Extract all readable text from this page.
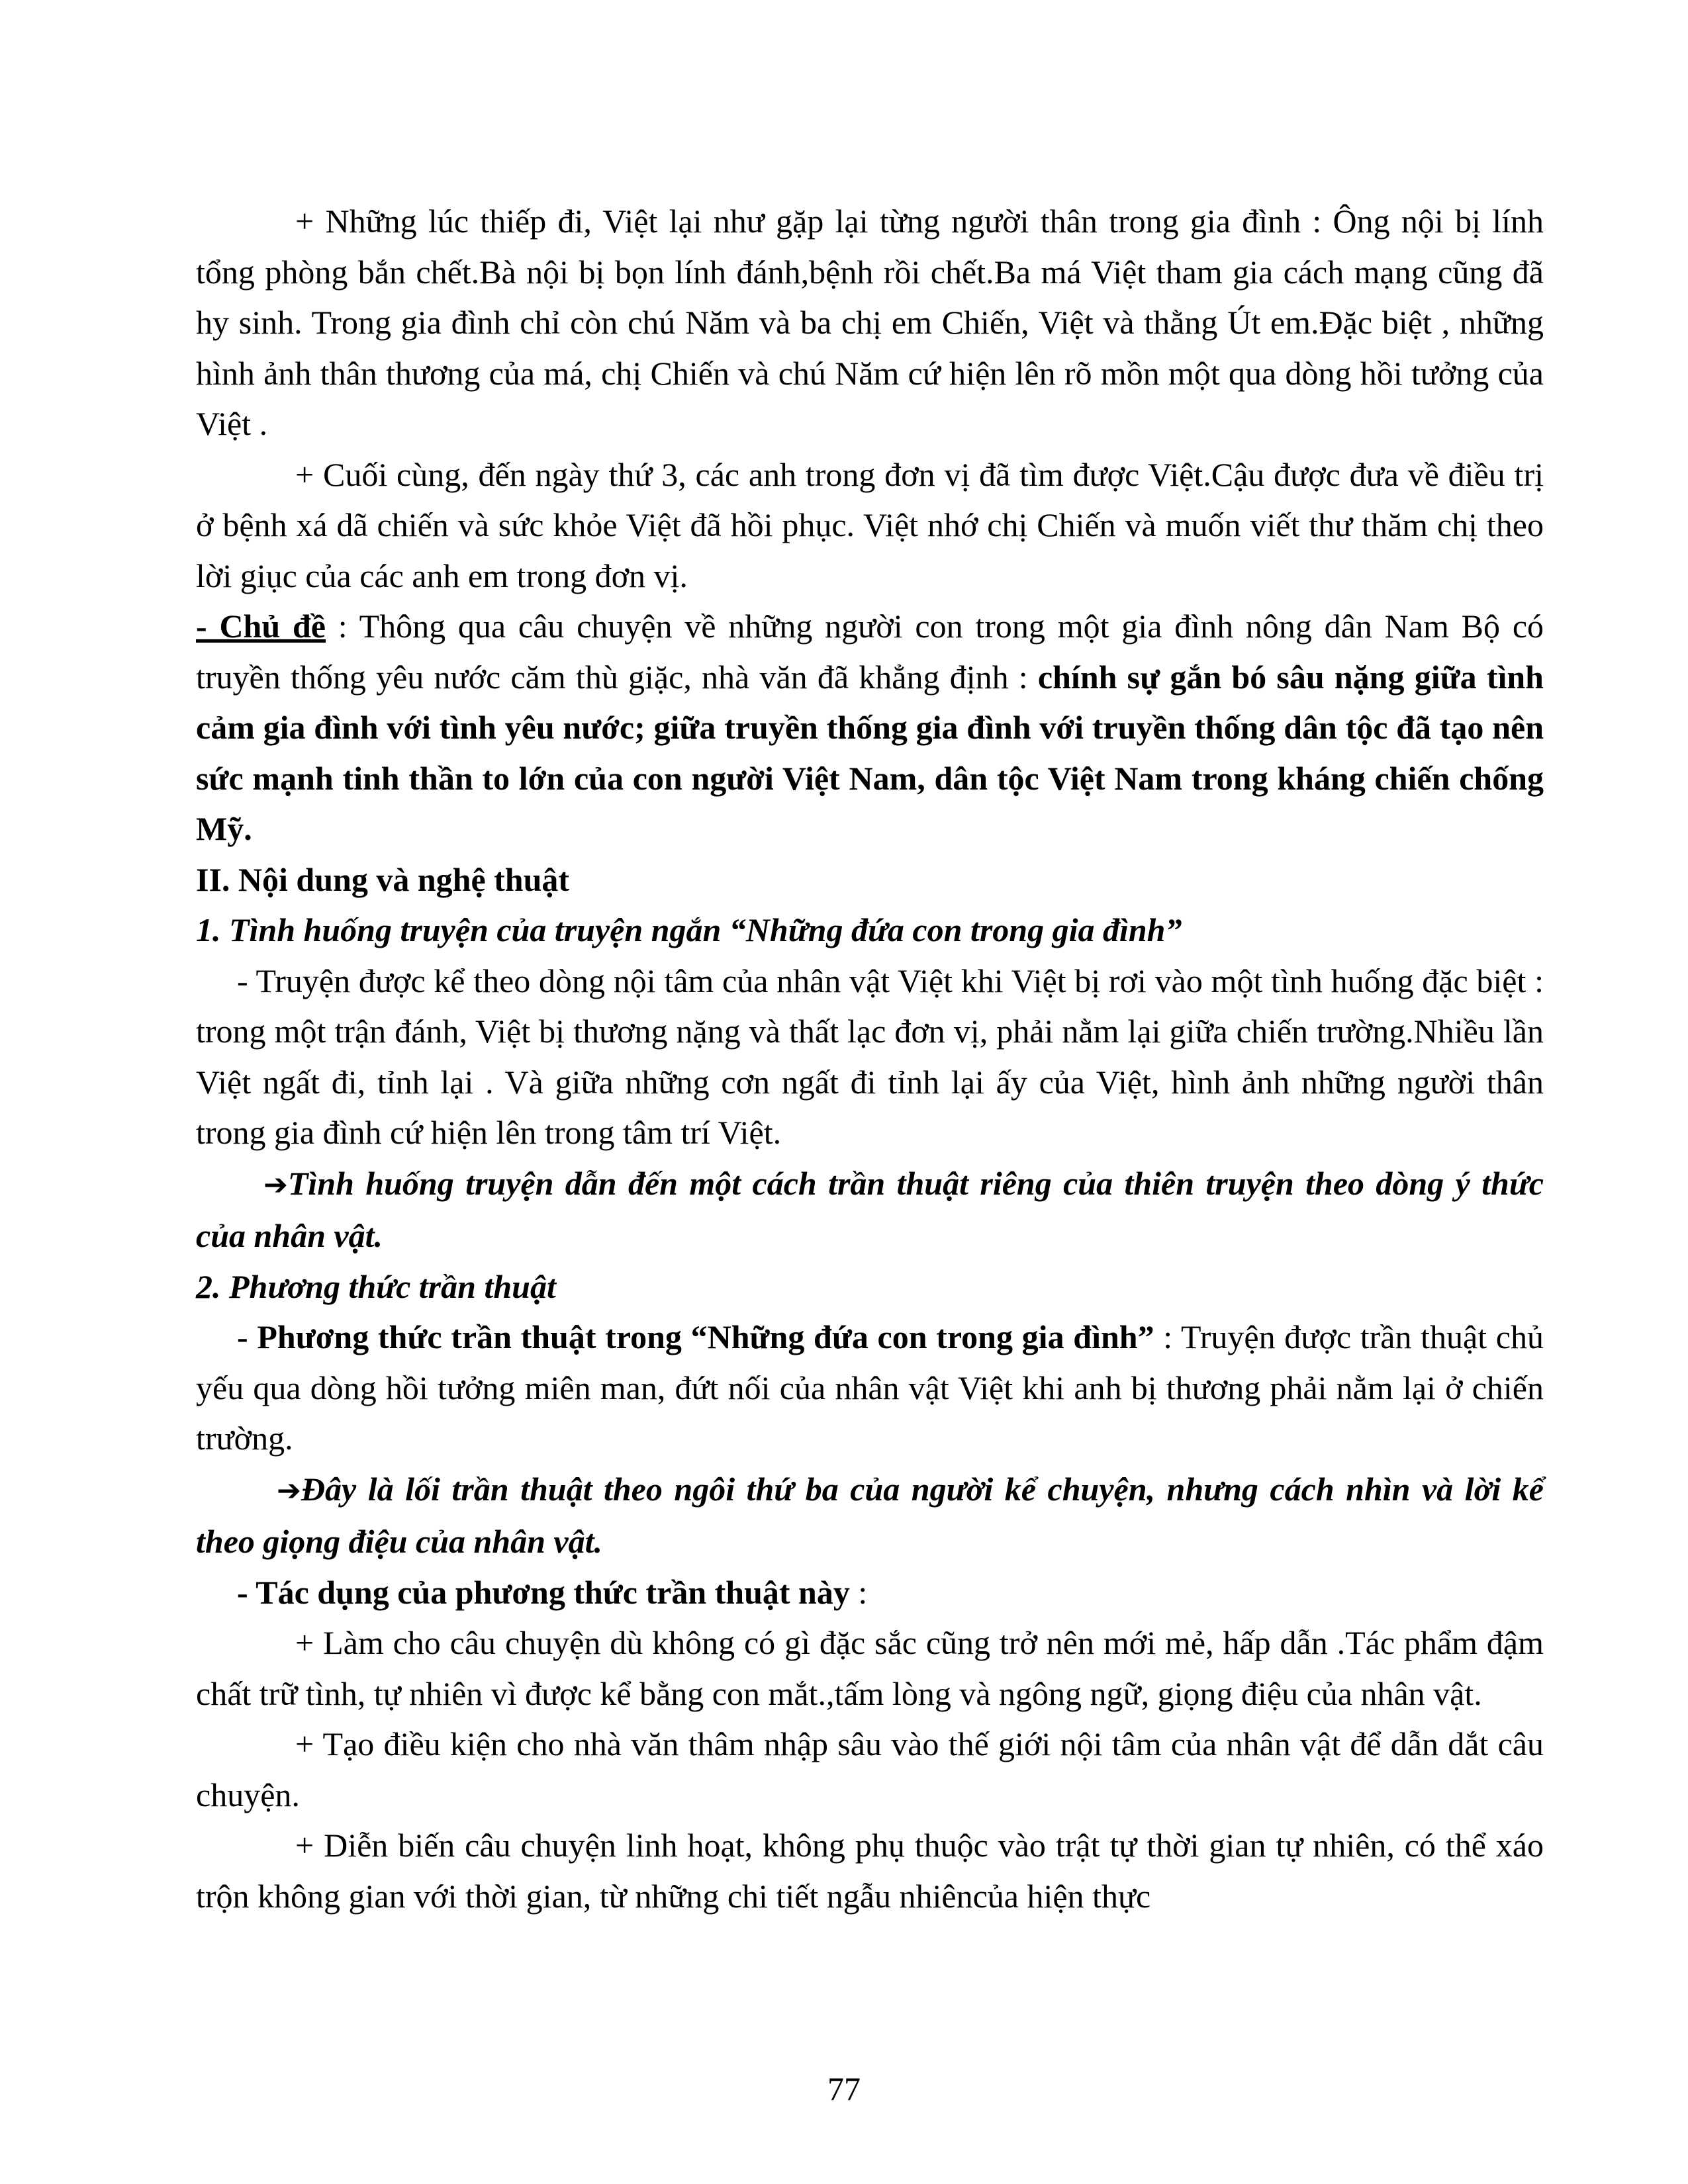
+ Những lúc thiếp đi, Việt lại như gặp lại từng người thân trong gia đình : Ông nội bị lính tổng phòng bắn chết.Bà nội bị bọn lính đánh,bệnh rồi chết.Ba má Việt tham gia cách mạng cũng đã hy sinh. Trong gia đình chỉ còn chú Năm và ba chị em Chiến, Việt và thằng Út em.Đặc biệt , những hình ảnh thân thương của má, chị Chiến và chú Năm cứ hiện lên rõ mồn một qua dòng hồi tưởng của Việt .

+ Cuối cùng, đến ngày thứ 3, các anh trong đơn vị đã tìm được Việt.Cậu được đưa về điều trị ở bệnh xá dã chiến và sức khỏe Việt đã hồi phục. Việt nhớ chị Chiến và muốn viết thư thăm chị theo lời giục của các anh em trong đơn vị.

- Chủ đề : Thông qua câu chuyện về những người con trong một gia đình nông dân Nam Bộ có truyền thống yêu nước căm thù giặc, nhà văn đã khẳng định : chính sự gắn bó sâu nặng giữa tình cảm gia đình với tình yêu nước; giữa truyền thống gia đình với truyền thống dân tộc đã tạo nên sức mạnh tinh thần to lớn của con người Việt Nam, dân tộc Việt Nam trong kháng chiến chống Mỹ.

II. Nội dung và nghệ thuật

1. Tình huống truyện của truyện ngắn “Những đứa con trong gia đình”

- Truyện được kể theo dòng nội tâm của nhân vật Việt khi Việt bị rơi vào một tình huống đặc biệt : trong một trận đánh, Việt bị thương nặng và thất lạc đơn vị, phải nằm lại giữa chiến trường.Nhiều lần Việt ngất đi, tỉnh lại . Và giữa những cơn ngất đi tỉnh lại ấy của Việt, hình ảnh những người thân trong gia đình cứ hiện lên trong tâm trí Việt.

➔Tình huống truyện dẫn đến một cách trần thuật riêng của thiên truyện theo dòng ý thức của nhân vật.

2. Phương thức trần thuật

- Phương thức trần thuật trong “Những đứa con trong gia đình” : Truyện được trần thuật chủ yếu qua dòng hồi tưởng miên man, đứt nối của nhân vật Việt khi anh bị thương phải nằm lại ở chiến trường.

➔Đây là lối trần thuật theo ngôi thứ ba của người kể chuyện, nhưng cách nhìn và lời kể theo giọng điệu của nhân vật.

- Tác dụng của phương thức trần thuật này :

+ Làm cho câu chuyện dù không có gì đặc sắc cũng trở nên mới mẻ, hấp dẫn .Tác phẩm đậm chất trữ tình, tự nhiên vì được kể bằng con mắt.,tấm lòng và ngông ngữ, giọng điệu của nhân vật.

+ Tạo điều kiện cho nhà văn thâm nhập sâu vào thế giới nội tâm của nhân vật để dẫn dắt câu chuyện.

+ Diễn biến câu chuyện linh hoạt, không phụ thuộc vào trật tự thời gian tự nhiên, có thể xáo trộn không gian với thời gian, từ những chi tiết ngẫu nhiêncủa hiện thực

77
